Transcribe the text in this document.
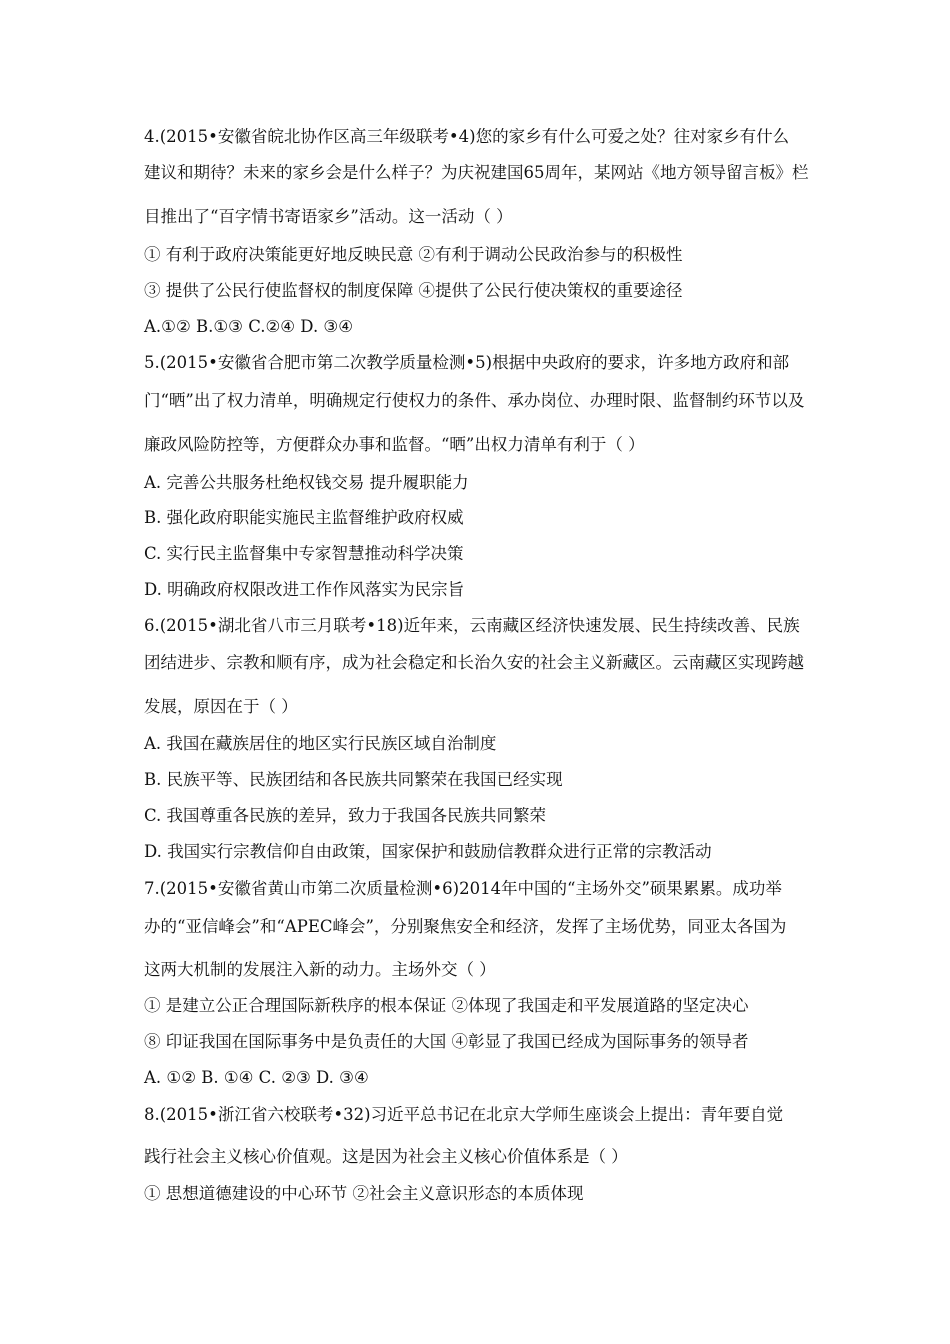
4.(2015•安徽省皖北协作区高三年级联考•4)您的家乡有什么可爱之处？往对家乡有什么
建议和期待？未来的家乡会是什么样子？为庆祝建国65周年，某网站《地方领导留言板》栏
目推出了“百字情书寄语家乡”活动。这一活动（ ）
① 有利于政府决策能更好地反映民意 ②有利于调动公民政治参与的积极性
③ 提供了公民行使监督权的制度保障 ④提供了公民行使决策权的重要途径
A.①② B.①③ C.②④ D. ③④
5.(2015•安徽省合肥市第二次教学质量检测•5)根据中央政府的要求，许多地方政府和部
门“晒”出了权力清单，明确规定行使权力的条件、承办岗位、办理时限、监督制约环节以及
廉政风险防控等，方便群众办事和监督。“晒”出权力清单有利于（ ）
A. 完善公共服务杜绝权钱交易 提升履职能力
B. 强化政府职能实施民主监督维护政府权威
C. 实行民主监督集中专家智慧推动科学决策
D. 明确政府权限改进工作作风落实为民宗旨
6.(2015•湖北省八市三月联考•18)近年来，云南藏区经济快速发展、民生持续改善、民族
团结进步、宗教和顺有序，成为社会稳定和长治久安的社会主义新藏区。云南藏区实现跨越
发展，原因在于（ ）
A. 我国在藏族居住的地区实行民族区域自治制度
B. 民族平等、民族团结和各民族共同繁荣在我国已经实现
C. 我国尊重各民族的差异，致力于我国各民族共同繁荣
D. 我国实行宗教信仰自由政策，国家保护和鼓励信教群众进行正常的宗教活动
7.(2015•安徽省黄山市第二次质量检测•6)2014年中国的“主场外交”硕果累累。成功举
办的“亚信峰会”和“APEC峰会”，分别聚焦安全和经济，发挥了主场优势，同亚太各国为
这两大机制的发展注入新的动力。主场外交（ ）
① 是建立公正合理国际新秩序的根本保证 ②体现了我国走和平发展道路的坚定决心
⑧ 印证我国在国际事务中是负责任的大国 ④彰显了我国已经成为国际事务的领导者
A. ①② B. ①④ C. ②③ D. ③④
8.(2015•浙江省六校联考•32)习近平总书记在北京大学师生座谈会上提出：青年要自觉
践行社会主义核心价值观。这是因为社会主义核心价值体系是（ ）
① 思想道德建设的中心环节 ②社会主义意识形态的本质体现
